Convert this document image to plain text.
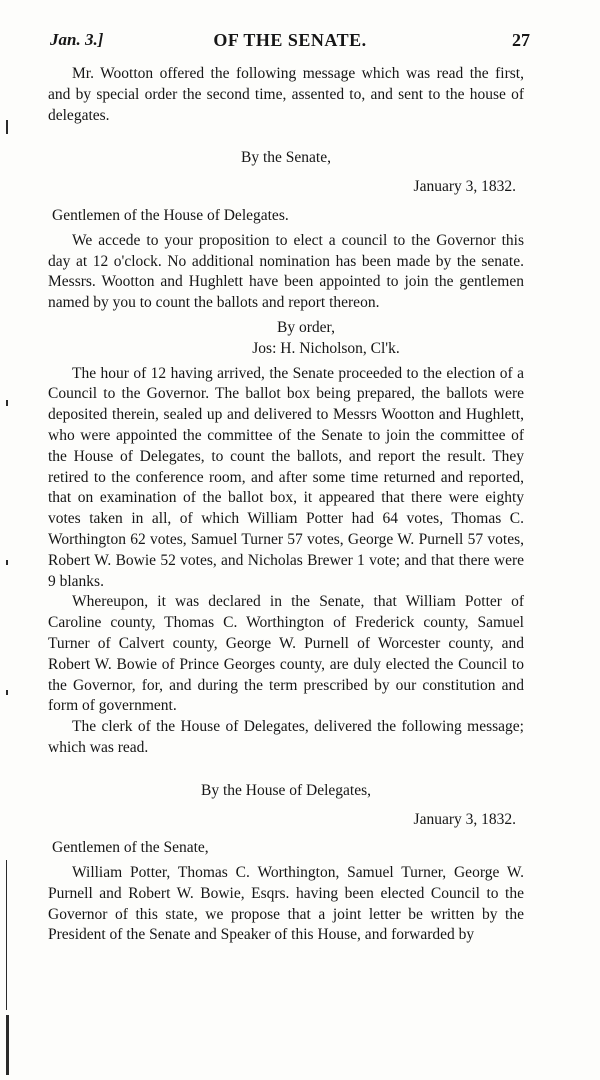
Jan. 3.]	OF THE SENATE.	27

Mr. Wootton offered the following message which was read the first, and by special order the second time, assented to, and sent to the house of delegates.

By the Senate,

January 3, 1832.

Gentlemen of the House of Delegates.

We accede to your proposition to elect a council to the Governor this day at 12 o'clock. No additional nomination has been made by the senate. Messrs. Wootton and Hughlett have been appointed to join the gentlemen named by you to count the ballots and report thereon.

By order,

Jos: H. Nicholson, Cl'k.

The hour of 12 having arrived, the Senate proceeded to the election of a Council to the Governor. The ballot box being prepared, the ballots were deposited therein, sealed up and delivered to Messrs Wootton and Hughlett, who were appointed the committee of the Senate to join the committee of the House of Delegates, to count the ballots, and report the result. They retired to the conference room, and after some time returned and reported, that on examination of the ballot box, it appeared that there were eighty votes taken in all, of which William Potter had 64 votes, Thomas C. Worthington 62 votes, Samuel Turner 57 votes, George W. Purnell 57 votes, Robert W. Bowie 52 votes, and Nicholas Brewer 1 vote; and that there were 9 blanks.

Whereupon, it was declared in the Senate, that William Potter of Caroline county, Thomas C. Worthington of Frederick county, Samuel Turner of Calvert county, George W. Purnell of Worcester county, and Robert W. Bowie of Prince Georges county, are duly elected the Council to the Governor, for, and during the term prescribed by our constitution and form of government.

The clerk of the House of Delegates, delivered the following message; which was read.

By the House of Delegates,

January 3, 1832.

Gentlemen of the Senate,

William Potter, Thomas C. Worthington, Samuel Turner, George W. Purnell and Robert W. Bowie, Esqrs. having been elected Council to the Governor of this state, we propose that a joint letter be written by the President of the Senate and Speaker of this House, and forwarded by
